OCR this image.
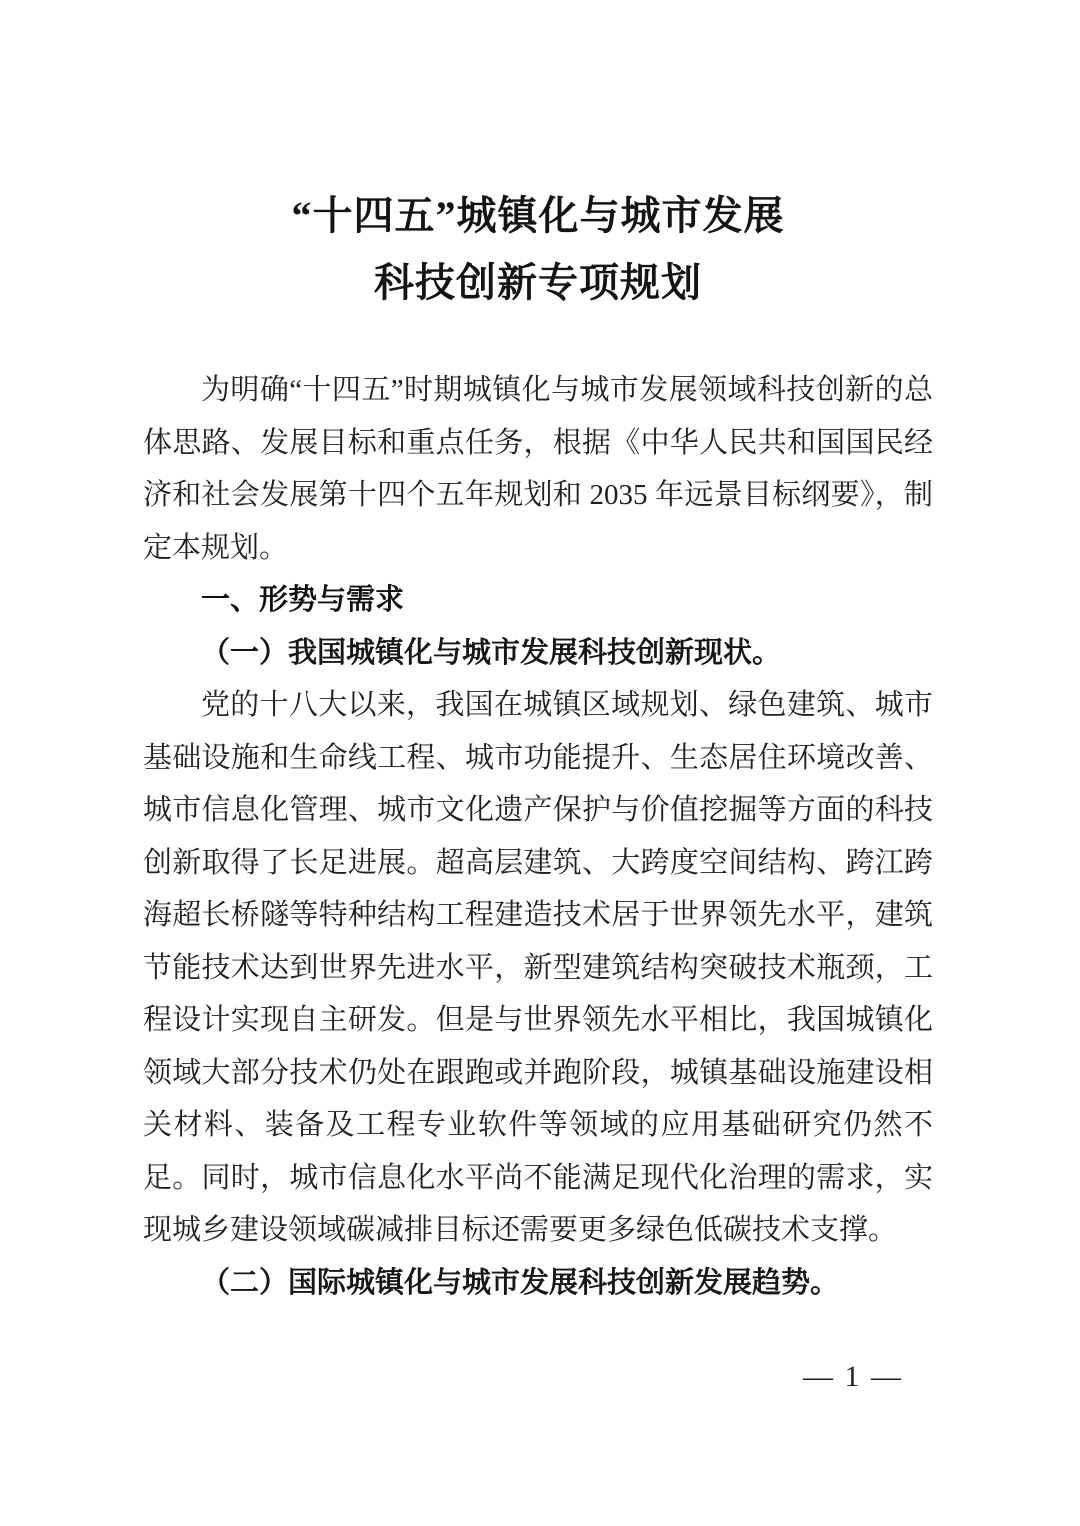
“十四五”城镇化与城市发展
科技创新专项规划

为明确“十四五”时期城镇化与城市发展领域科技创新的总体思路、发展目标和重点任务，根据《中华人民共和国国民经济和社会发展第十四个五年规划和 2035 年远景目标纲要》，制定本规划。

一、形势与需求

（一）我国城镇化与城市发展科技创新现状。

党的十八大以来，我国在城镇区域规划、绿色建筑、城市基础设施和生命线工程、城市功能提升、生态居住环境改善、城市信息化管理、城市文化遗产保护与价值挖掘等方面的科技创新取得了长足进展。超高层建筑、大跨度空间结构、跨江跨海超长桥隧等特种结构工程建造技术居于世界领先水平，建筑节能技术达到世界先进水平，新型建筑结构突破技术瓶颈，工程设计实现自主研发。但是与世界领先水平相比，我国城镇化领域大部分技术仍处在跟跑或并跑阶段，城镇基础设施建设相关材料、装备及工程专业软件等领域的应用基础研究仍然不足。同时，城市信息化水平尚不能满足现代化治理的需求，实现城乡建设领域碳减排目标还需要更多绿色低碳技术支撑。

（二）国际城镇化与城市发展科技创新发展趋势。

— 1 —
